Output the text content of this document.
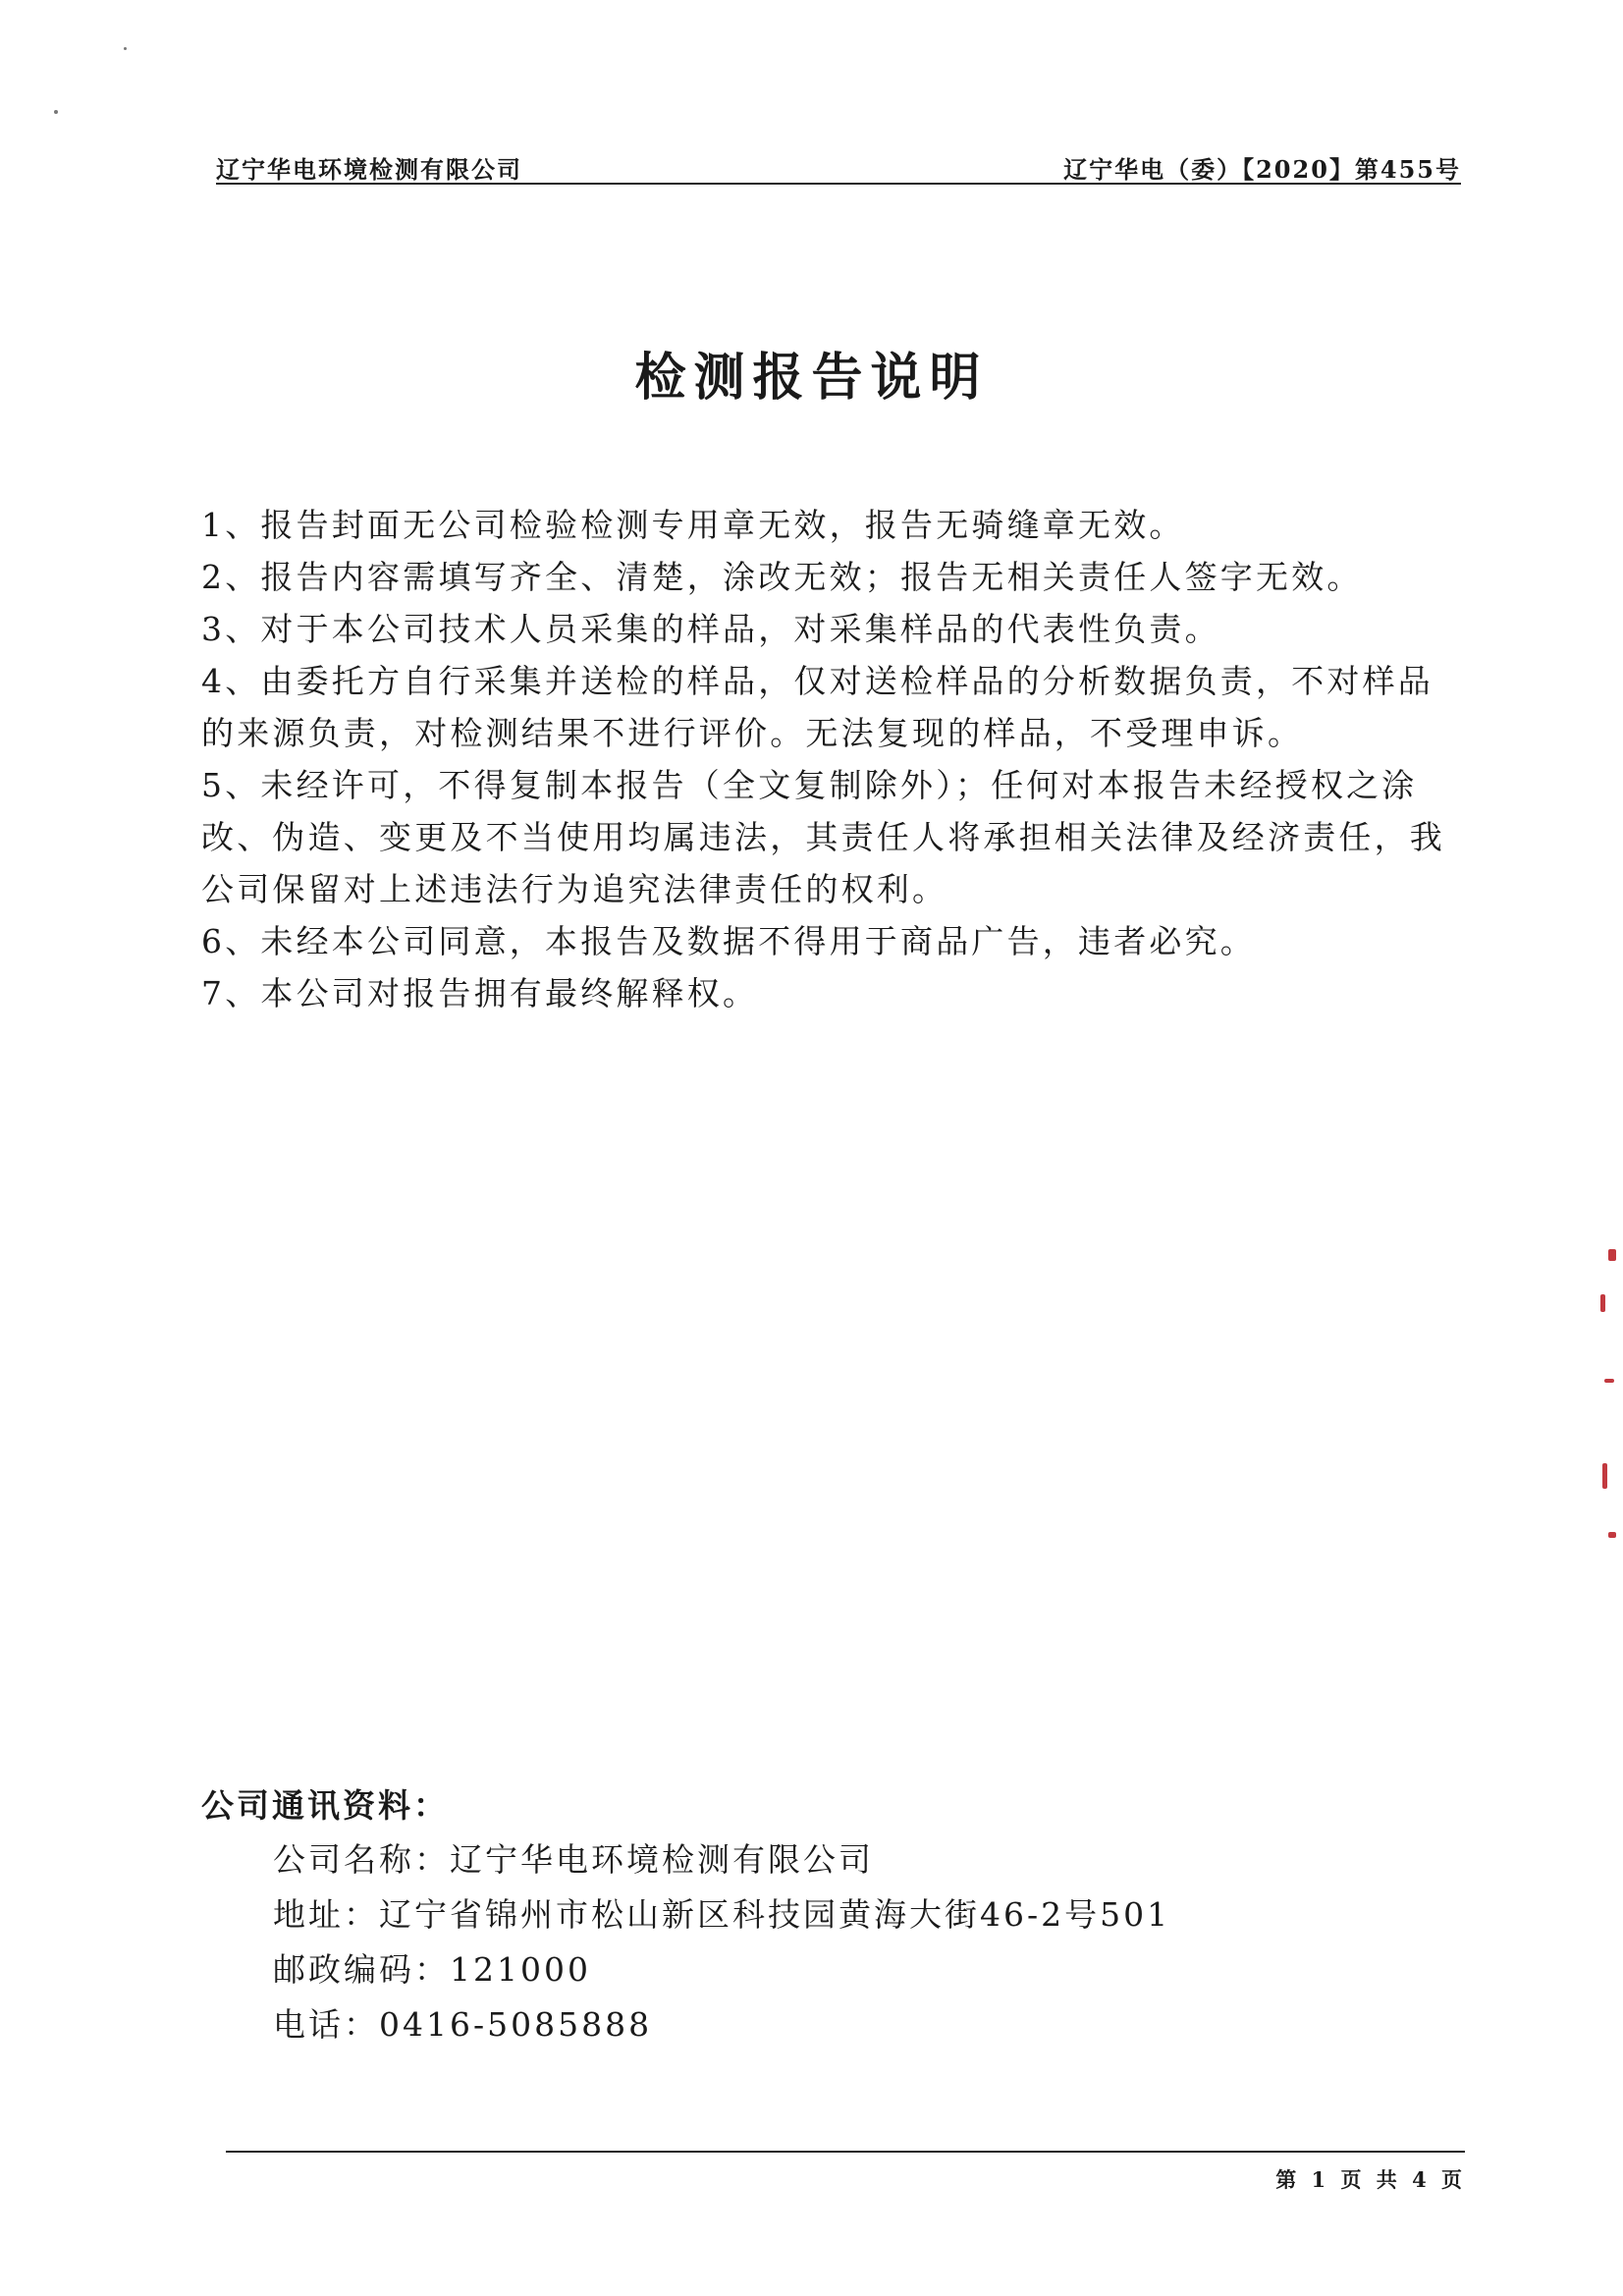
辽宁华电环境检测有限公司	辽宁华电（委）【2020】第455号
检测报告说明

1、报告封面无公司检验检测专用章无效，报告无骑缝章无效。

2、报告内容需填写齐全、清楚，涂改无效；报告无相关责任人签字无效。

3、对于本公司技术人员采集的样品，对采集样品的代表性负责。

4、由委托方自行采集并送检的样品，仅对送检样品的分析数据负责，不对样品的来源负责，对检测结果不进行评价。无法复现的样品，不受理申诉。

5、未经许可，不得复制本报告（全文复制除外）；任何对本报告未经授权之涂改、伪造、变更及不当使用均属违法，其责任人将承担相关法律及经济责任，我公司保留对上述违法行为追究法律责任的权利。

6、未经本公司同意，本报告及数据不得用于商品广告，违者必究。

7、本公司对报告拥有最终解释权。

公司通讯资料：
公司名称：辽宁华电环境检测有限公司
地址：辽宁省锦州市松山新区科技园黄海大街46-2号501
邮政编码：121000
电话：0416-5085888
第 1 页 共 4 页
